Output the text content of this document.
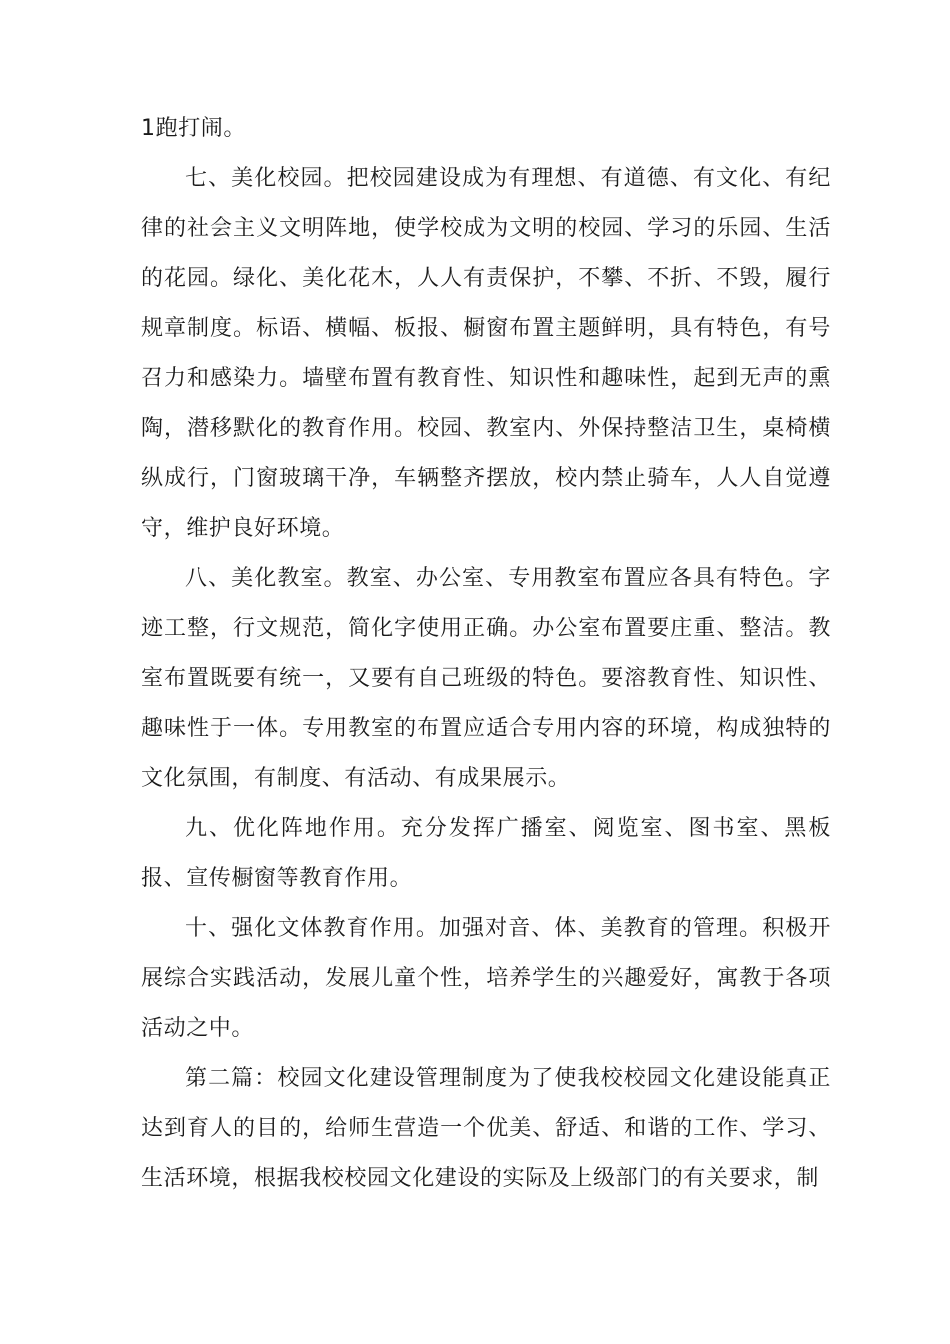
1跑打闹。

七、美化校园。把校园建设成为有理想、有道德、有文化、有纪律的社会主义文明阵地，使学校成为文明的校园、学习的乐园、生活的花园。绿化、美化花木，人人有责保护，不攀、不折、不毁，履行规章制度。标语、横幅、板报、橱窗布置主题鲜明，具有特色，有号召力和感染力。墙壁布置有教育性、知识性和趣味性，起到无声的熏陶，潜移默化的教育作用。校园、教室内、外保持整洁卫生，桌椅横纵成行，门窗玻璃干净，车辆整齐摆放，校内禁止骑车，人人自觉遵守，维护良好环境。

八、美化教室。教室、办公室、专用教室布置应各具有特色。字迹工整，行文规范，简化字使用正确。办公室布置要庄重、整洁。教室布置既要有统一，又要有自己班级的特色。要溶教育性、知识性、趣味性于一体。专用教室的布置应适合专用内容的环境，构成独特的文化氛围，有制度、有活动、有成果展示。

九、优化阵地作用。充分发挥广播室、阅览室、图书室、黑板报、宣传橱窗等教育作用。

十、强化文体教育作用。加强对音、体、美教育的管理。积极开展综合实践活动，发展儿童个性，培养学生的兴趣爱好，寓教于各项活动之中。

第二篇：校园文化建设管理制度为了使我校校园文化建设能真正达到育人的目的，给师生营造一个优美、舒适、和谐的工作、学习、生活环境，根据我校校园文化建设的实际及上级部门的有关要求，制
